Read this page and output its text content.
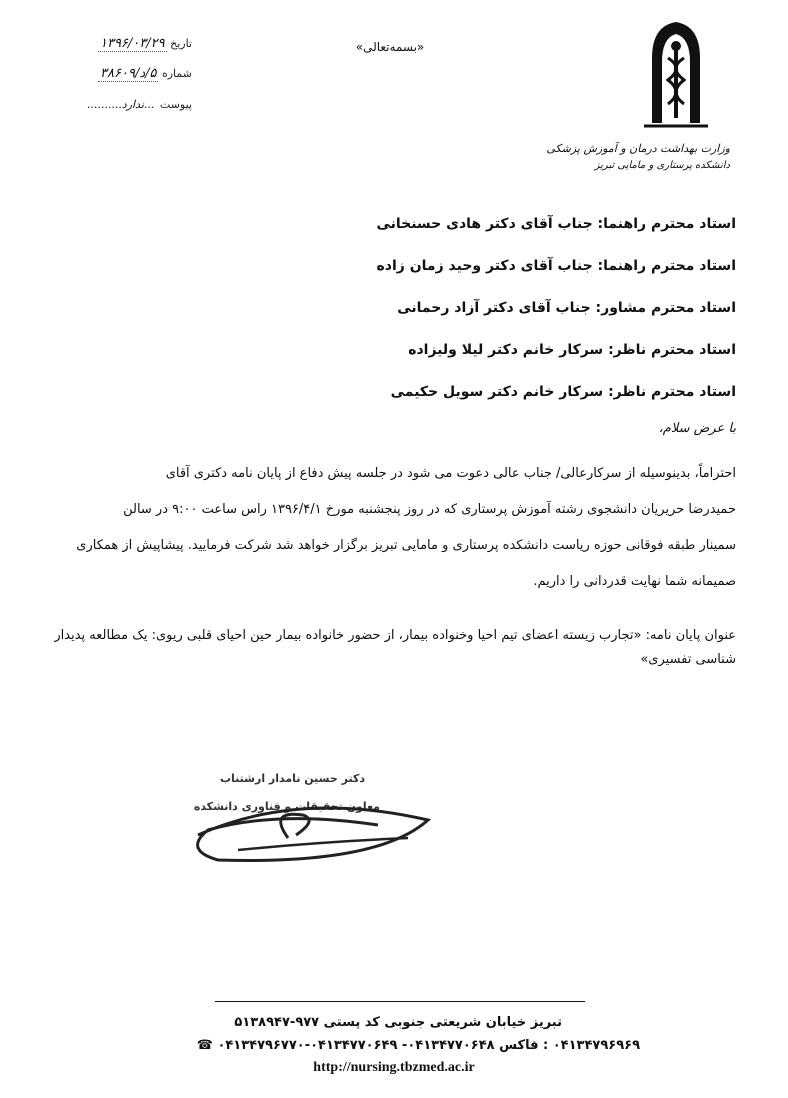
وزارت بهداشت درمان و آموزش پزشکی
دانشکده پرستاری و مامایی تبریز
«بسمه‌تعالی»
تاریخ ۱۳۹۶/۰۳/۲۹
شماره ۵/د/۳۸۶۰۹
پیوست ...ندارد..........
استاد محترم راهنما: جناب آقای دکتر هادی حسنخانی
استاد محترم راهنما: جناب آقای دکتر وحید زمان زاده
استاد محترم مشاور: جناب آقای دکتر آزاد رحمانی
استاد محترم ناظر: سرکار خانم دکتر لیلا ولیزاده
استاد محترم ناظر: سرکار خانم دکتر سویل حکیمی
با عرض سلام،
احتراماً، بدینوسیله از سرکارعالی/ جناب عالی دعوت می شود در جلسه پیش دفاع از پایان نامه دکتری آقای
حمیدرضا حریریان دانشجوی رشته آموزش پرستاری که در روز پنجشنبه مورخ ۱۳۹۶/۴/۱ راس ساعت ۹:۰۰ در سالن
سمینار طبقه فوقانی حوزه ریاست دانشکده پرستاری و مامایی تبریز برگزار خواهد شد شرکت فرمایید. پیشاپیش از همکاری
صمیمانه شما نهایت قدردانی را داریم.
عنوان پایان نامه: «تجارب زیسته اعضای تیم احیا وخنواده بیمار، از حضور خانواده بیمار حین احیای قلبی ریوی: یک مطالعه پدیدار
شناسی تفسیری»
دکتر حسین نامدار ارشتناب
معاون تحقیقات و فناوری دانشکده
تبریز خیابان شریعتی جنوبی کد پستی ۹۷۷-۵۱۳۸۹۴۷
۰۴۱۳۴۷۹۶۹۶۹ : فاکس ۰۴۱۳۴۷۷۰۶۴۸- ۰۴۱۳۴۷۷۰۶۴۹-۰۴۱۳۴۷۹۶۷۷۰ ☎
http://nursing.tbzmed.ac.ir
